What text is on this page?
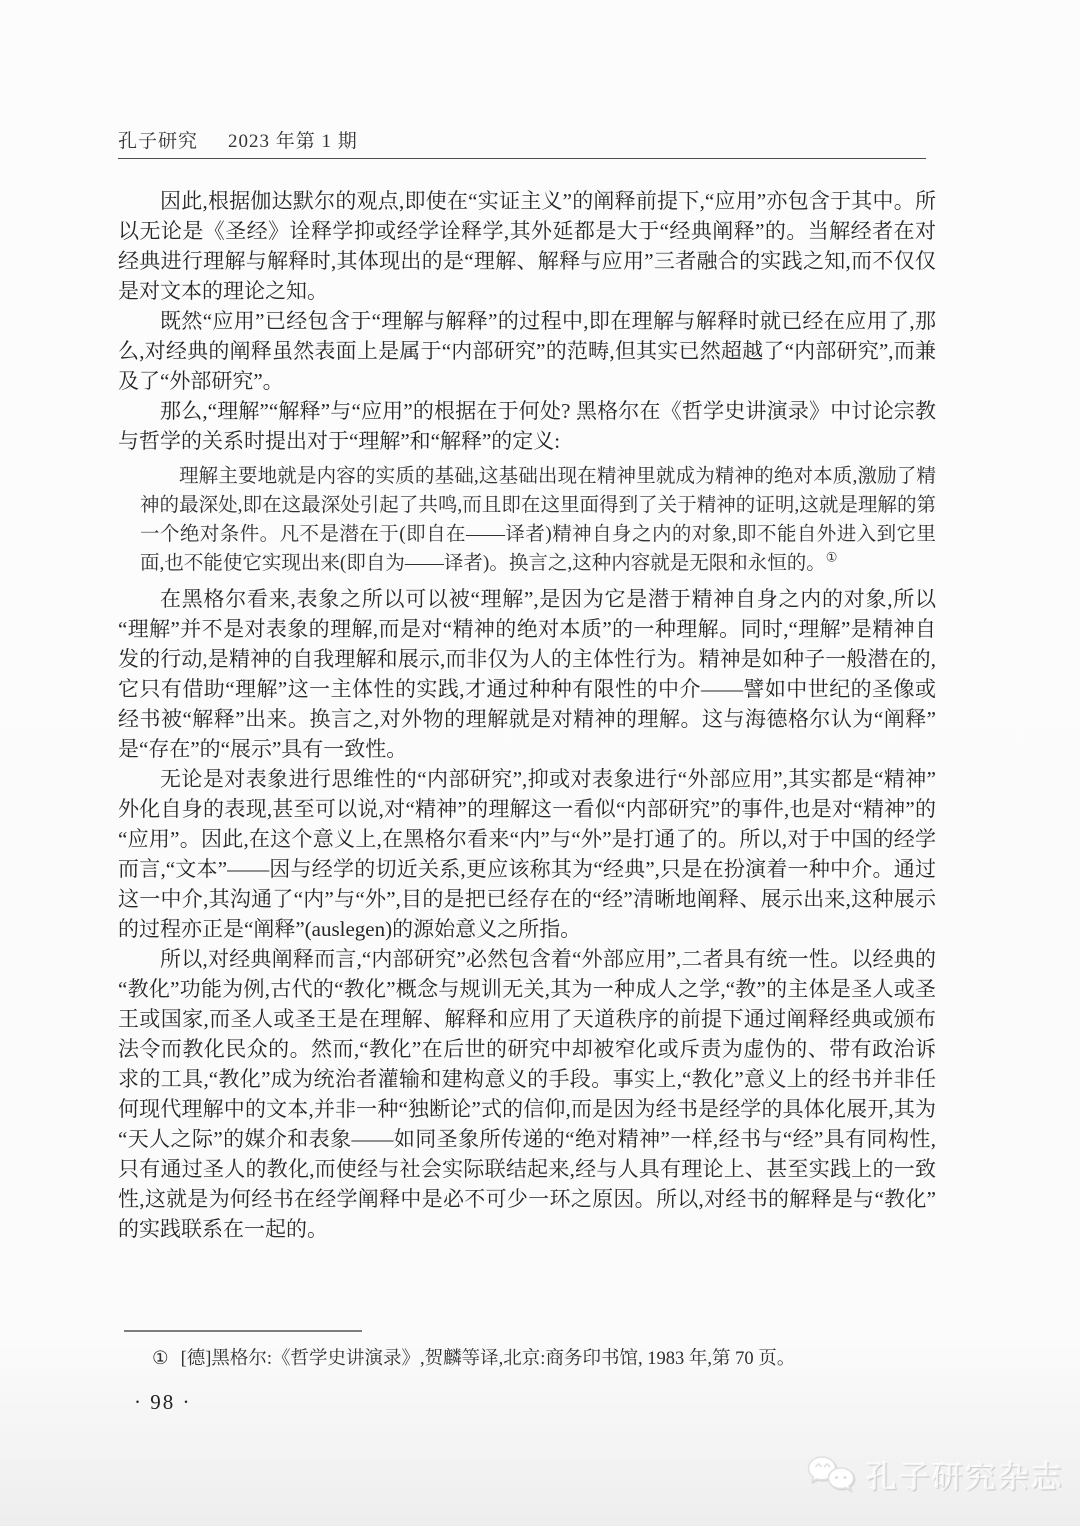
孔子研究 2023 年第 1 期

因此,根据伽达默尔的观点,即使在“实证主义”的阐释前提下,“应用”亦包含于其中。所以无论是《圣经》诠释学抑或经学诠释学,其外延都是大于“经典阐释”的。当解经者在对经典进行理解与解释时,其体现出的是“理解、解释与应用”三者融合的实践之知,而不仅仅是对文本的理论之知。

既然“应用”已经包含于“理解与解释”的过程中,即在理解与解释时就已经在应用了,那么,对经典的阐释虽然表面上是属于“内部研究”的范畴,但其实已然超越了“内部研究”,而兼及了“外部研究”。

那么,“理解”“解释”与“应用”的根据在于何处? 黑格尔在《哲学史讲演录》中讨论宗教与哲学的关系时提出对于“理解”和“解释”的定义:

理解主要地就是内容的实质的基础,这基础出现在精神里就成为精神的绝对本质,激励了精神的最深处,即在这最深处引起了共鸣,而且即在这里面得到了关于精神的证明,这就是理解的第一个绝对条件。凡不是潜在于(即自在——译者)精神自身之内的对象,即不能自外进入到它里面,也不能使它实现出来(即自为——译者)。换言之,这种内容就是无限和永恒的。①

在黑格尔看来,表象之所以可以被“理解”,是因为它是潜于精神自身之内的对象,所以“理解”并不是对表象的理解,而是对“精神的绝对本质”的一种理解。同时,“理解”是精神自发的行动,是精神的自我理解和展示,而非仅为人的主体性行为。精神是如种子一般潜在的,它只有借助“理解”这一主体性的实践,才通过种种有限性的中介——譬如中世纪的圣像或经书被“解释”出来。换言之,对外物的理解就是对精神的理解。这与海德格尔认为“阐释”是“存在”的“展示”具有一致性。

无论是对表象进行思维性的“内部研究”,抑或对表象进行“外部应用”,其实都是“精神”外化自身的表现,甚至可以说,对“精神”的理解这一看似“内部研究”的事件,也是对“精神”的“应用”。因此,在这个意义上,在黑格尔看来“内”与“外”是打通了的。所以,对于中国的经学而言,“文本”——因与经学的切近关系,更应该称其为“经典”,只是在扮演着一种中介。通过这一中介,其沟通了“内”与“外”,目的是把已经存在的“经”清晰地阐释、展示出来,这种展示的过程亦正是“阐释”(auslegen)的源始意义之所指。

所以,对经典阐释而言,“内部研究”必然包含着“外部应用”,二者具有统一性。以经典的“教化”功能为例,古代的“教化”概念与规训无关,其为一种成人之学,“教”的主体是圣人或圣王或国家,而圣人或圣王是在理解、解释和应用了天道秩序的前提下通过阐释经典或颁布法令而教化民众的。然而,“教化”在后世的研究中却被窄化或斥责为虚伪的、带有政治诉求的工具,“教化”成为统治者灌输和建构意义的手段。事实上,“教化”意义上的经书并非任何现代理解中的文本,并非一种“独断论”式的信仰,而是因为经书是经学的具体化展开,其为“天人之际”的媒介和表象——如同圣象所传递的“绝对精神”一样,经书与“经”具有同构性,只有通过圣人的教化,而使经与社会实际联结起来,经与人具有理论上、甚至实践上的一致性,这就是为何经书在经学阐释中是必不可少一环之原因。所以,对经书的解释是与“教化”的实践联系在一起的。

① [德]黑格尔:《哲学史讲演录》,贺麟等译,北京:商务印书馆, 1983 年,第 70 页。
· 98 ·
孔子研究杂志
